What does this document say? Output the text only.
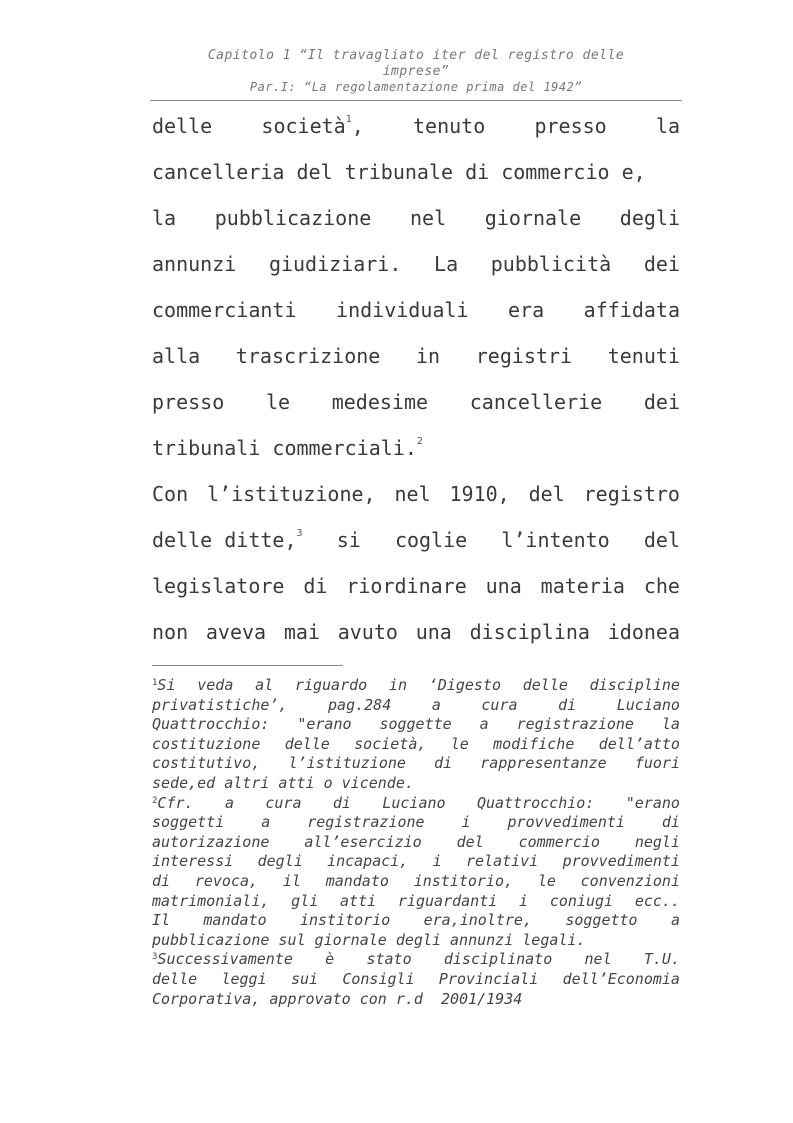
Capitolo 1 “Il travagliato iter del registro delle
imprese”
Par.I: “La regolamentazione prima del 1942”
delle società$^1$, tenuto presso la
cancelleria del tribunale di commercio e,
la pubblicazione nel giornale degli
annunzi giudiziari. La pubblicità dei
commercianti individuali era affidata
alla trascrizione in registri tenuti
presso le medesime cancellerie dei
tribunali commerciali.$^2$
Con l’istituzione, nel 1910, del registro
delle ditte,$^3$ si coglie l’intento del
legislatore di riordinare una materia che
non aveva mai avuto una disciplina idonea
$^1$Si veda al riguardo in ‘Digesto delle discipline
privatistiche’,	pag.284	a	cura	di	Luciano
Quattrocchio: "erano soggette a registrazione la
costituzione delle società, le modifiche dell’atto
costitutivo, l’istituzione di rappresentanze fuori
sede,ed altri atti o vicende.
$^2$Cfr. a cura di Luciano Quattrocchio: "erano
soggetti a registrazione i provvedimenti di
autorizazione all’esercizio del commercio negli
interessi degli incapaci, i relativi provvedimenti
di revoca, il mandato institorio, le convenzioni
matrimoniali, gli atti riguardanti i coniugi ecc..
Il mandato institorio era,inoltre, soggetto a
pubblicazione sul giornale degli annunzi legali.
$^3$Successivamente è stato disciplinato nel T.U.
delle leggi sui Consigli Provinciali dell’Economia
Corporativa, approvato con r.d  2001/1934
